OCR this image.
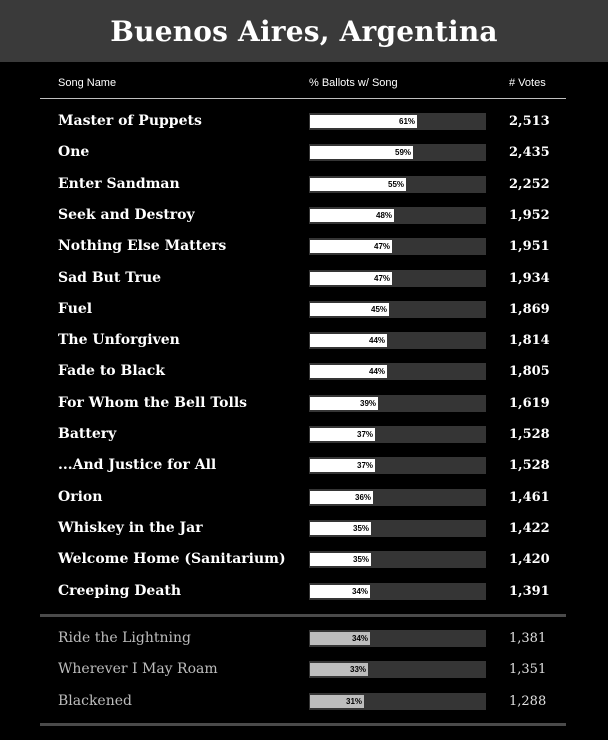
Buenos Aires, Argentina
Song Name	% Ballots w/ Song	# Votes
Master of Puppets	61%	2,513
One	59%	2,435
Enter Sandman	55%	2,252
Seek and Destroy	48%	1,952
Nothing Else Matters	47%	1,951
Sad But True	47%	1,934
Fuel	45%	1,869
The Unforgiven	44%	1,814
Fade to Black	44%	1,805
For Whom the Bell Tolls	39%	1,619
Battery	37%	1,528
...And Justice for All	37%	1,528
Orion	36%	1,461
Whiskey in the Jar	35%	1,422
Welcome Home (Sanitarium)	35%	1,420
Creeping Death	34%	1,391
Ride the Lightning	34%	1,381
Wherever I May Roam	33%	1,351
Blackened	31%	1,288
